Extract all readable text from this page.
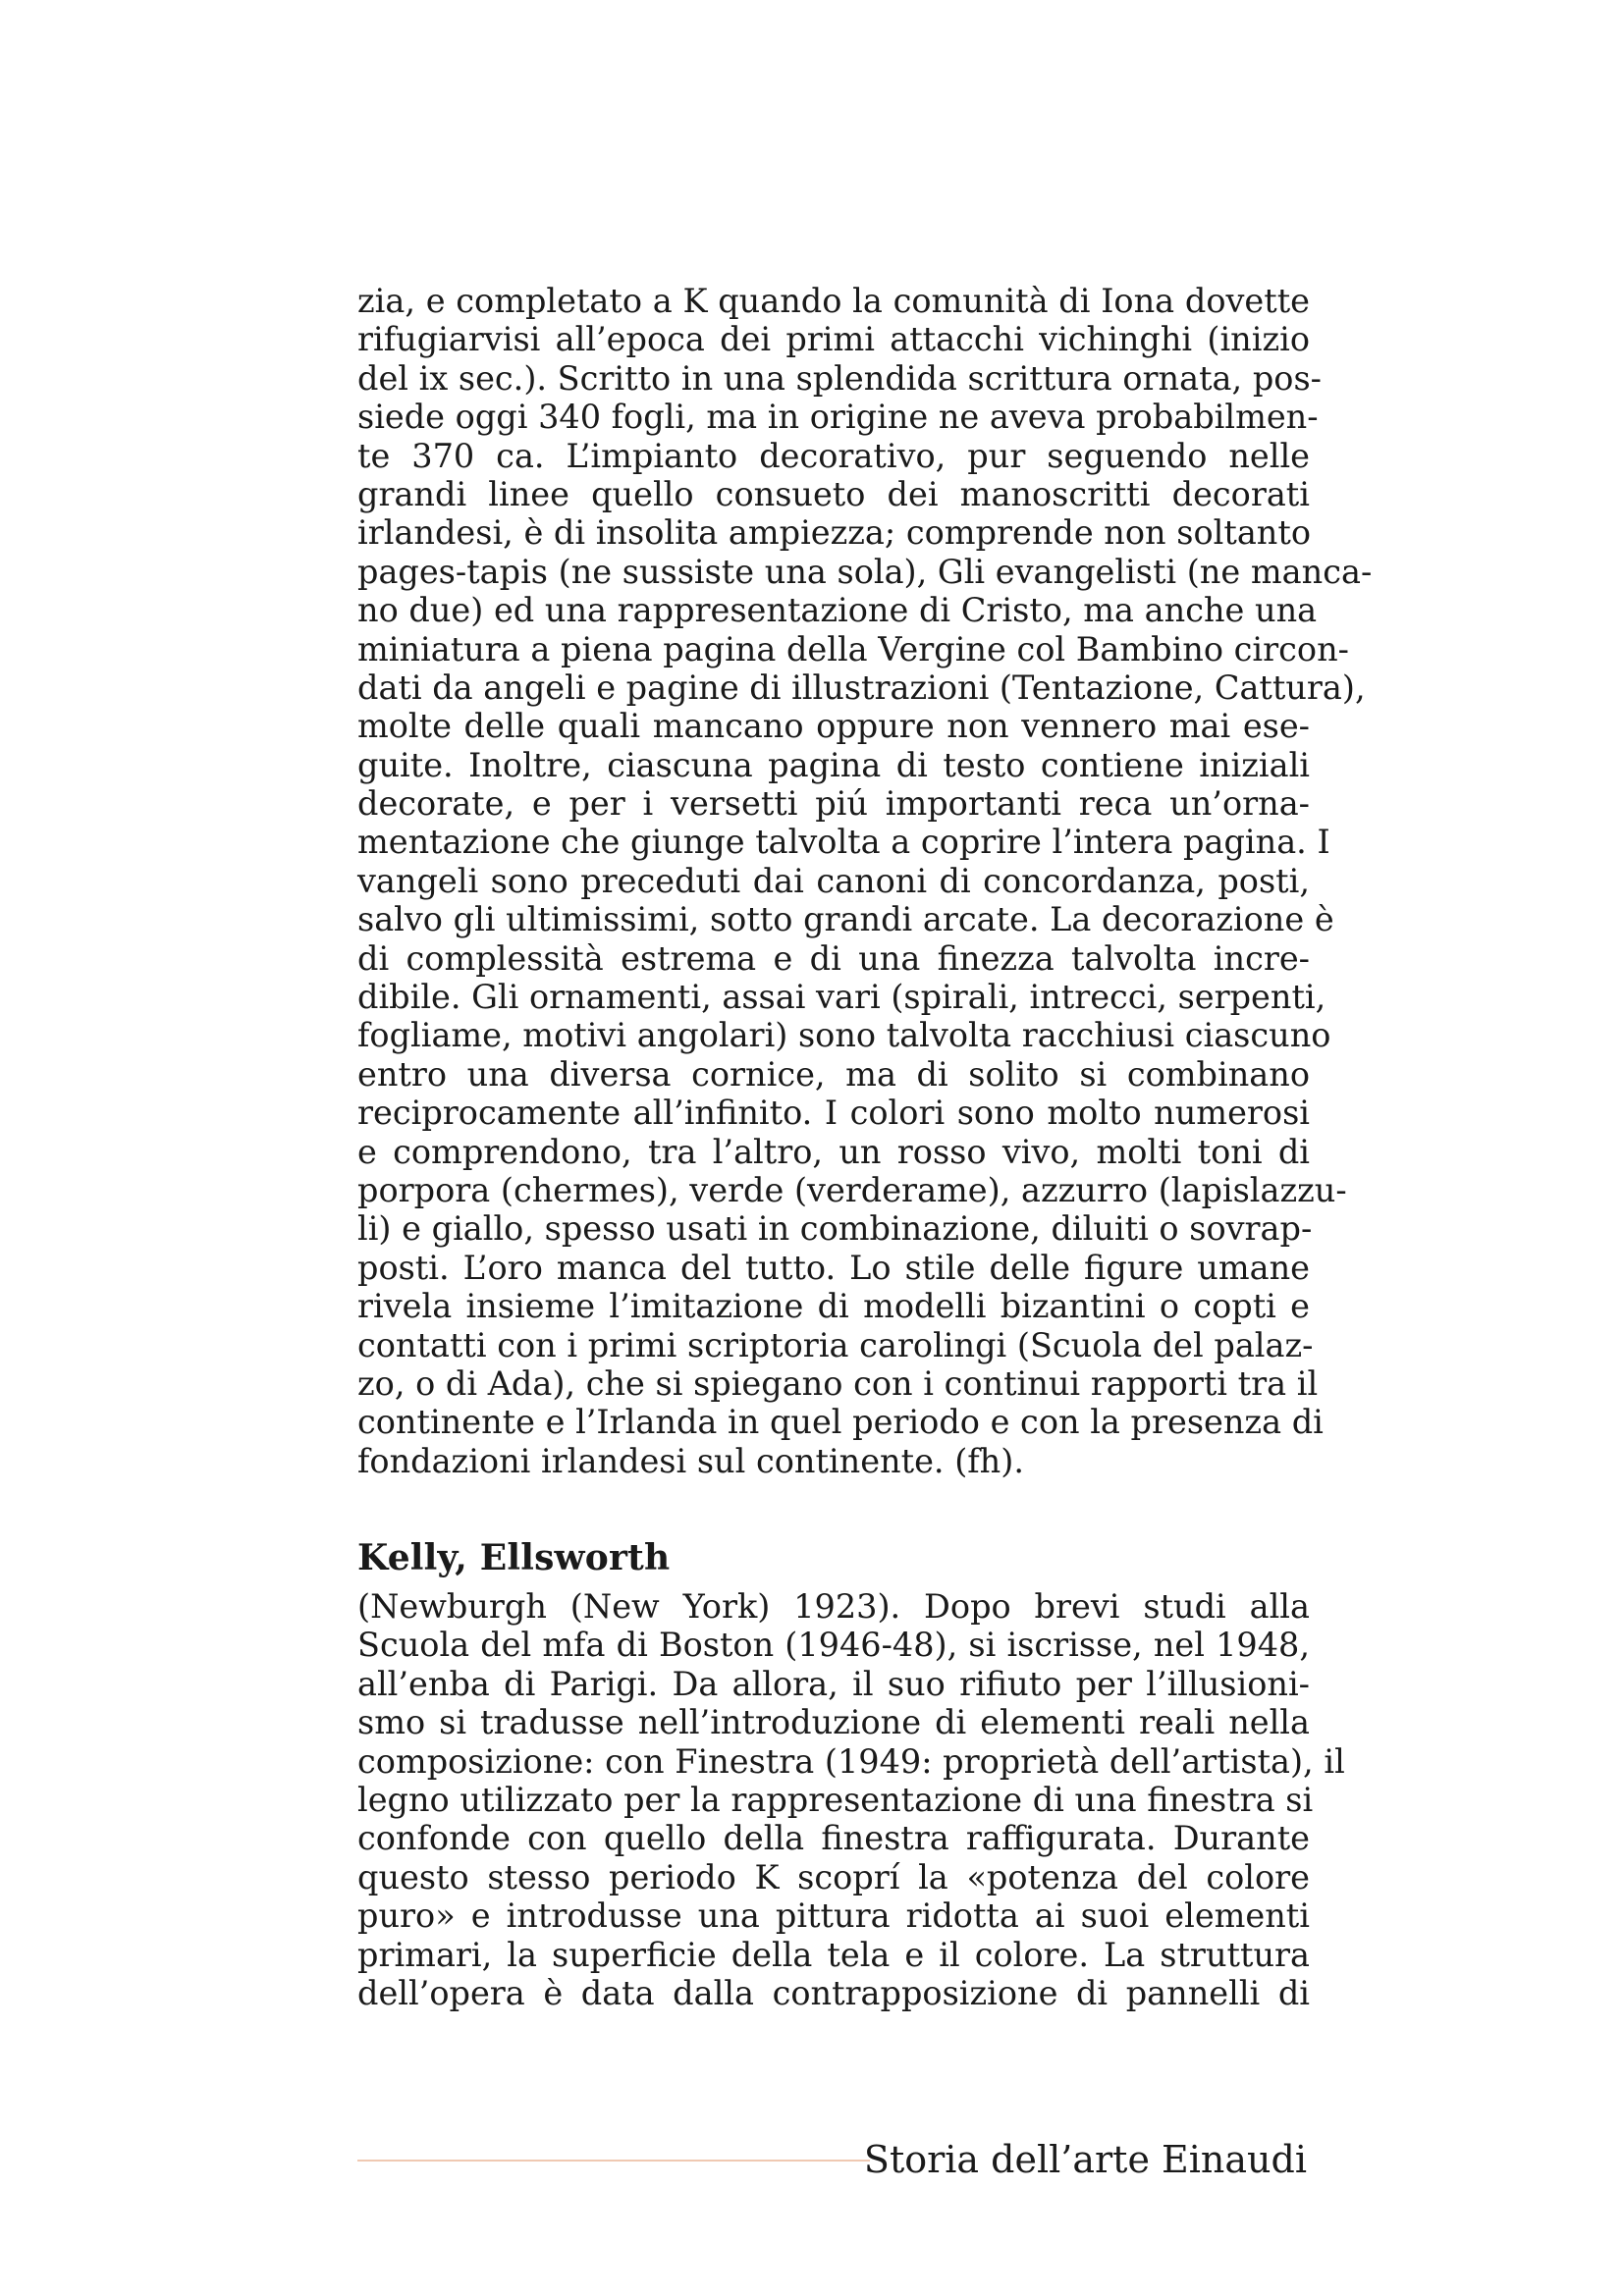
zia, e completato a K quando la comunità di Iona dovette
rifugiarvisi all’epoca dei primi attacchi vichinghi (inizio
del ix sec.). Scritto in una splendida scrittura ornata, pos-
siede oggi 340 fogli, ma in origine ne aveva probabilmen-
te 370 ca. L’impianto decorativo, pur seguendo nelle
grandi linee quello consueto dei manoscritti decorati
irlandesi, è di insolita ampiezza; comprende non soltanto
pages-tapis (ne sussiste una sola), Gli evangelisti (ne manca-
no due) ed una rappresentazione di Cristo, ma anche una
miniatura a piena pagina della Vergine col Bambino circon-
dati da angeli e pagine di illustrazioni (Tentazione, Cattura),
molte delle quali mancano oppure non vennero mai ese-
guite. Inoltre, ciascuna pagina di testo contiene iniziali
decorate, e per i versetti piú importanti reca un’orna-
mentazione che giunge talvolta a coprire l’intera pagina. I
vangeli sono preceduti dai canoni di concordanza, posti,
salvo gli ultimissimi, sotto grandi arcate. La decorazione è
di complessità estrema e di una finezza talvolta incre-
dibile. Gli ornamenti, assai vari (spirali, intrecci, serpenti,
fogliame, motivi angolari) sono talvolta racchiusi ciascuno
entro una diversa cornice, ma di solito si combinano
reciprocamente all’infinito. I colori sono molto numerosi
e comprendono, tra l’altro, un rosso vivo, molti toni di
porpora (chermes), verde (verderame), azzurro (lapislazzu-
li) e giallo, spesso usati in combinazione, diluiti o sovrap-
posti. L’oro manca del tutto. Lo stile delle figure umane
rivela insieme l’imitazione di modelli bizantini o copti e
contatti con i primi scriptoria carolingi (Scuola del palaz-
zo, o di Ada), che si spiegano con i continui rapporti tra il
continente e l’Irlanda in quel periodo e con la presenza di
fondazioni irlandesi sul continente. (fh).
Kelly, Ellsworth
(Newburgh (New York) 1923). Dopo brevi studi alla
Scuola del mfa di Boston (1946-48), si iscrisse, nel 1948,
all’enba di Parigi. Da allora, il suo rifiuto per l’illusioni-
smo si tradusse nell’introduzione di elementi reali nella
composizione: con Finestra (1949: proprietà dell’artista), il
legno utilizzato per la rappresentazione di una finestra si
confonde con quello della finestra raffigurata. Durante
questo stesso periodo K scoprí la «potenza del colore
puro» e introdusse una pittura ridotta ai suoi elementi
primari, la superficie della tela e il colore. La struttura
dell’opera è data dalla contrapposizione di pannelli di
Storia dell’arte Einaudi
